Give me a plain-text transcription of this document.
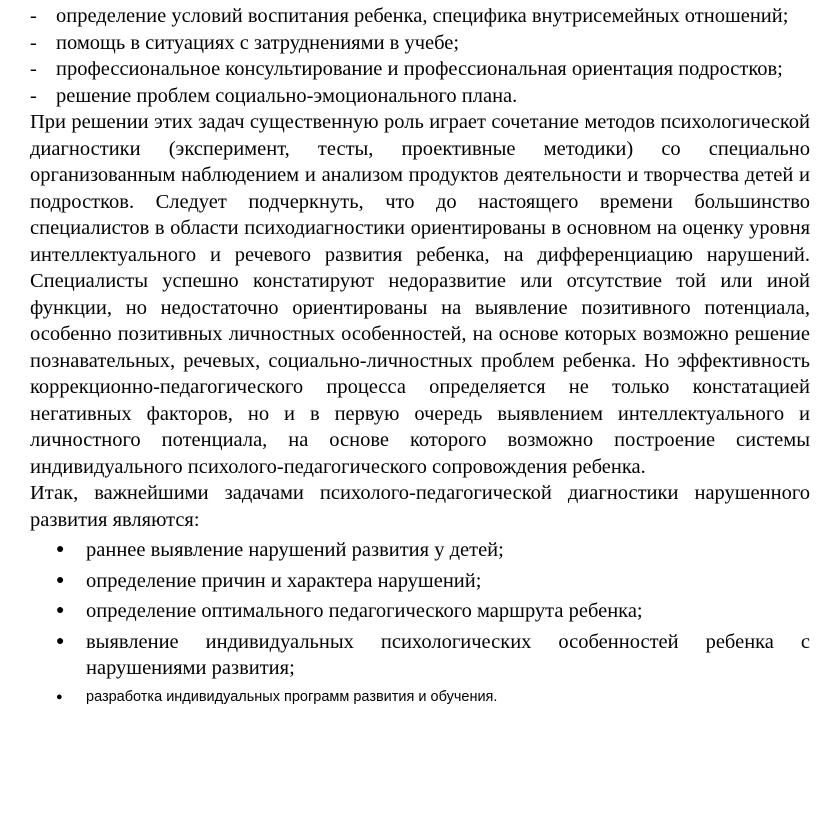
- определение условий воспитания ребенка, специфика внутрисемейных отношений;
- помощь в ситуациях с затруднениями в учебе;
- профессиональное консультирование и профессиональная ориентация подростков;
- решение проблем социально-эмоционального плана.

При решении этих задач существенную роль играет сочетание методов психологической диагностики (эксперимент, тесты, проективные методики) со специально организованным наблюдением и анализом продуктов деятельности и творчества детей и подростков. Следует подчеркнуть, что до настоящего времени большинство специалистов в области психодиагностики ориентированы в основном на оценку уровня интеллектуального и речевого развития ребенка, на дифференциацию нарушений. Специалисты успешно констатируют недоразвитие или отсутствие той или иной функции, но недостаточно ориентированы на выявление позитивного потенциала, особенно позитивных личностных особенностей, на основе которых возможно решение познавательных, речевых, социально-личностных проблем ребенка. Но эффективность коррекционно-педагогического процесса определяется не только констатацией негативных факторов, но и в первую очередь выявлением интеллектуального и личностного потенциала, на основе которого возможно построение системы индивидуального психолого-педагогического сопровождения ребенка.

Итак, важнейшими задачами психолого-педагогической диагностики нарушенного развития являются:

● раннее выявление нарушений развития у детей;
● определение причин и характера нарушений;
● определение оптимального педагогического маршрута ребенка;
● выявление индивидуальных психологических особенностей ребенка с нарушениями развития;
● разработка индивидуальных программ развития и обучения.
